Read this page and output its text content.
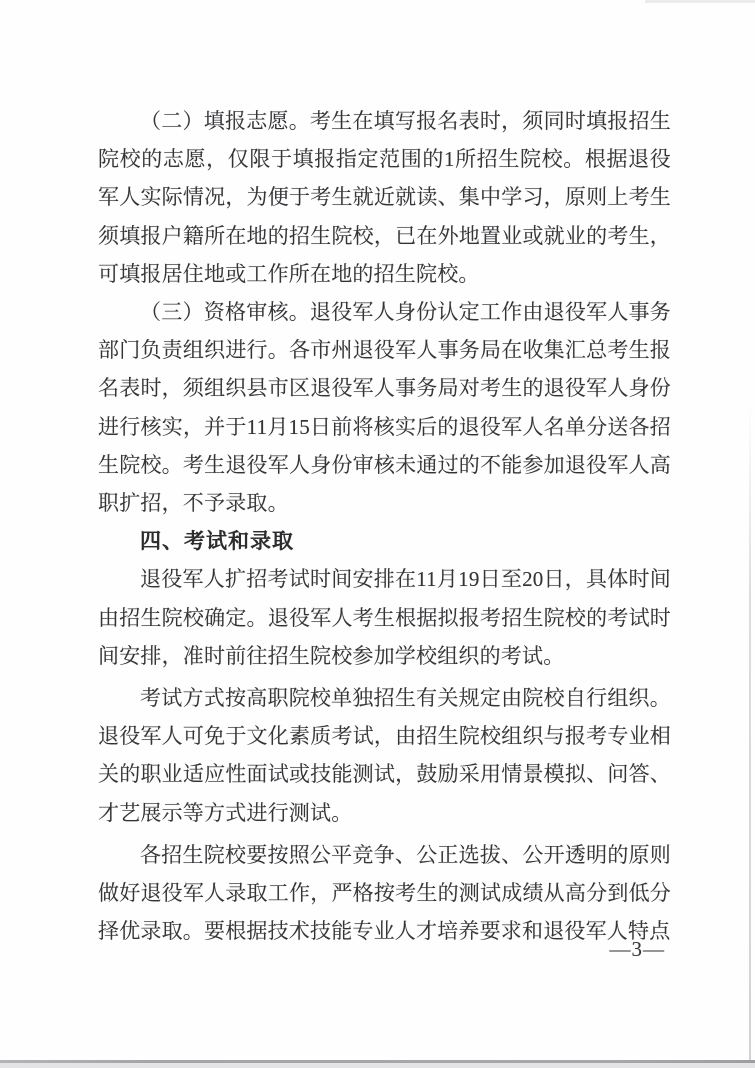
（二）填报志愿。考生在填写报名表时，须同时填报招生院校的志愿，仅限于填报指定范围的1所招生院校。根据退役军人实际情况，为便于考生就近就读、集中学习，原则上考生须填报户籍所在地的招生院校，已在外地置业或就业的考生，可填报居住地或工作所在地的招生院校。

（三）资格审核。退役军人身份认定工作由退役军人事务部门负责组织进行。各市州退役军人事务局在收集汇总考生报名表时，须组织县市区退役军人事务局对考生的退役军人身份进行核实，并于11月15日前将核实后的退役军人名单分送各招生院校。考生退役军人身份审核未通过的不能参加退役军人高职扩招，不予录取。

四、考试和录取

退役军人扩招考试时间安排在11月19日至20日，具体时间由招生院校确定。退役军人考生根据拟报考招生院校的考试时间安排，准时前往招生院校参加学校组织的考试。

考试方式按高职院校单独招生有关规定由院校自行组织。退役军人可免于文化素质考试，由招生院校组织与报考专业相关的职业适应性面试或技能测试，鼓励采用情景模拟、问答、才艺展示等方式进行测试。

各招生院校要按照公平竞争、公正选拔、公开透明的原则做好退役军人录取工作，严格按考生的测试成绩从高分到低分择优录取。要根据技术技能专业人才培养要求和退役军人特点

—3—
